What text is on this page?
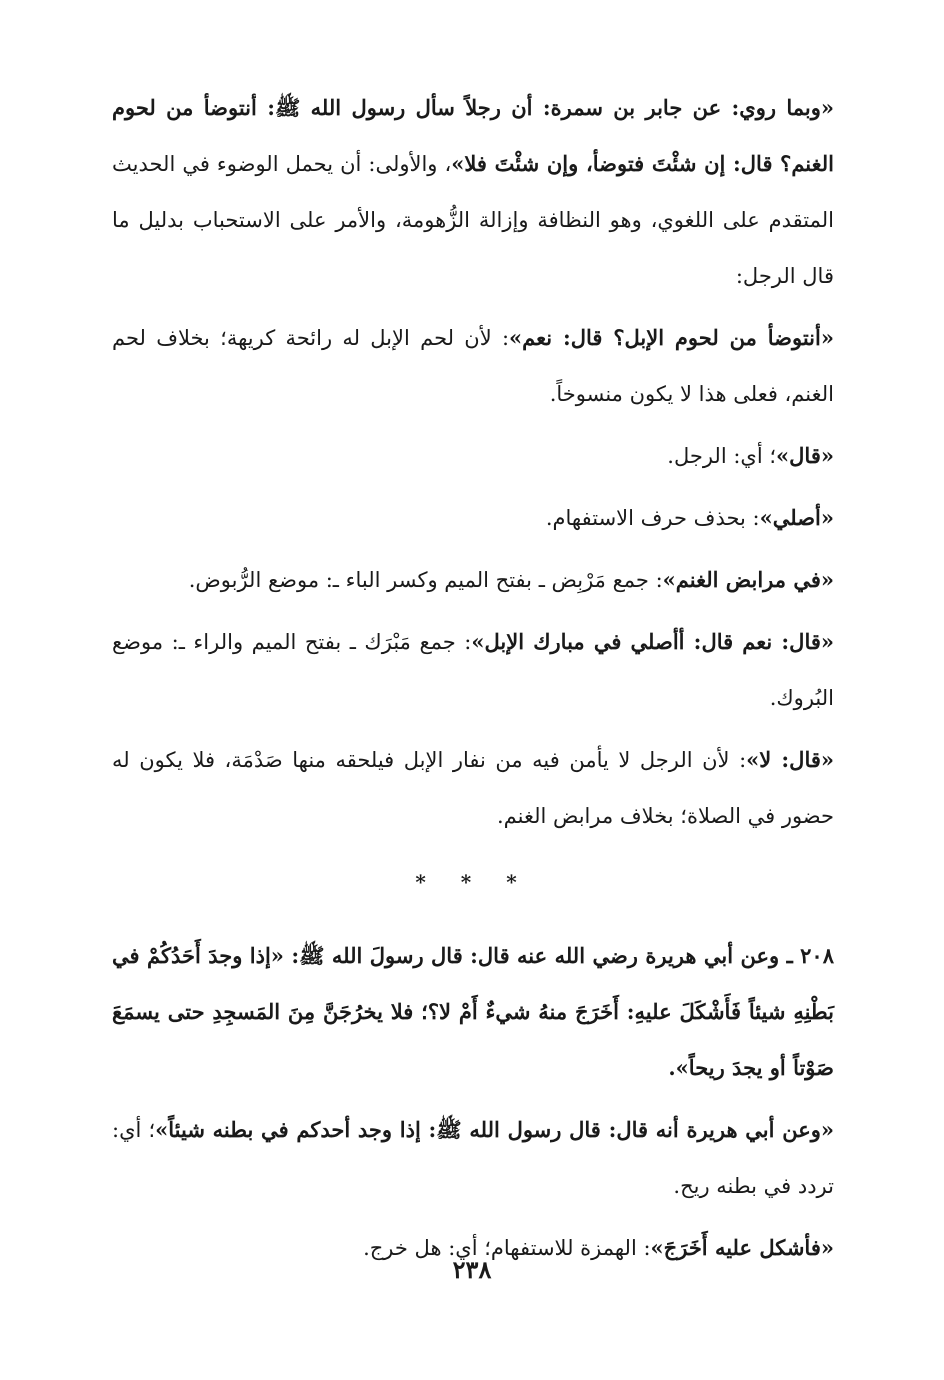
«وبما روي: عن جابر بن سمرة: أن رجلاً سأل رسول الله ﷺ: أنتوضأ من لحوم الغنم؟ قال: إن شئْتَ فتوضأ، وإن شئْتَ فلا»، والأولى: أن يحمل الوضوء في الحديث المتقدم على اللغوي، وهو النظافة وإزالة الزُّهومة، والأمر على الاستحباب بدليل ما قال الرجل:

«أنتوضأ من لحوم الإبل؟ قال: نعم»: لأن لحم الإبل له رائحة كريهة؛ بخلاف لحم الغنم، فعلى هذا لا يكون منسوخاً.

«قال»؛ أي: الرجل.

«أصلي»: بحذف حرف الاستفهام.

«في مرابض الغنم»: جمع مَرْبِض ـ بفتح الميم وكسر الباء ـ: موضع الرُّبوض.

«قال: نعم قال: أأصلي في مبارك الإبل»: جمع مَبْرَك ـ بفتح الميم والراء ـ: موضع البُروك.

«قال: لا»: لأن الرجل لا يأمن فيه من نفار الإبل فيلحقه منها صَدْمَة، فلا يكون له حضور في الصلاة؛ بخلاف مرابض الغنم.

* * *

٢٠٨ ـ وعن أبي هريرة رضي الله عنه قال: قال رسولَ الله ﷺ: «إذا وجدَ أَحَدُكُمْ في بَطْنِهِ شيئاً فَأَشْكَلَ عليهِ: أَخَرَجَ منهُ شيءٌ أَمْ لا؟؛ فلا يخرُجَنَّ مِنَ المَسجِدِ حتى يسمَعَ صَوْتاً أو يجدَ ريحاً».

«وعن أبي هريرة أنه قال: قال رسول الله ﷺ: إذا وجد أحدكم في بطنه شيئاً»؛ أي: تردد في بطنه ريح.

«فأشكل عليه أَخَرَجَ»: الهمزة للاستفهام؛ أي: هل خرج.

٢٣٨
